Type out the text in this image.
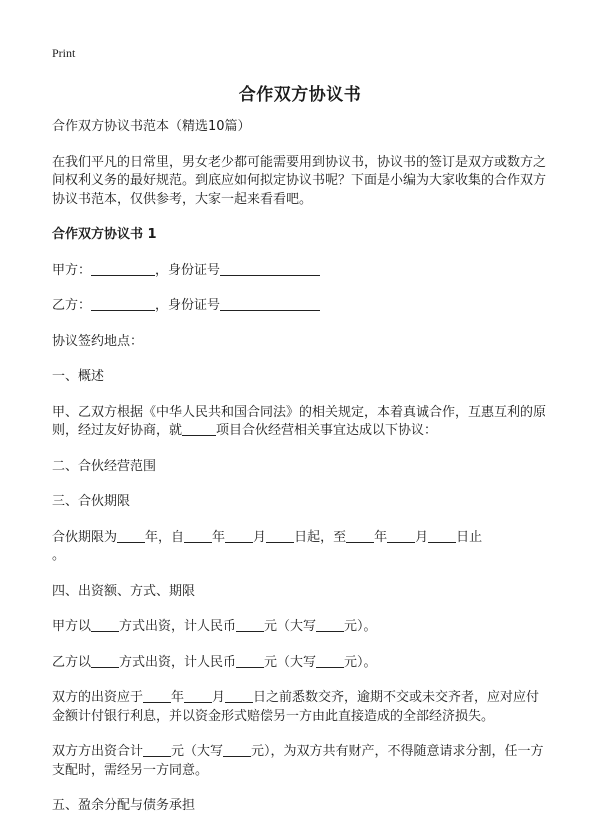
Print
合作双方协议书

合作双方协议书范本（精选10篇）

在我们平凡的日常里，男女老少都可能需要用到协议书，协议书的签订是双方或数方之间权利义务的最好规范。到底应如何拟定协议书呢？下面是小编为大家收集的合作双方协议书范本，仅供参考，大家一起来看看吧。

合作双方协议书 1

甲方：	，身份证号

乙方：	，身份证号

协议签约地点：

一、概述

甲、乙双方根据《中华人民共和国合同法》的相关规定，本着真诚合作，互惠互利的原则，经过友好协商，就	项目合伙经营相关事宜达成以下协议：

二、合伙经营范围

三、合伙期限

合伙期限为 年，自 年 月 日起，至 年 月 日止
。

四、出资额、方式、期限

甲方以 方式出资，计人民币 元（大写 元）。

乙方以 方式出资，计人民币 元（大写 元）。

双方的出资应于 年 月 日之前悉数交齐，逾期不交或未交齐者，应对应付金额计付银行利息，并以资金形式赔偿另一方由此直接造成的全部经济损失。

双方方出资合计 元（大写 元），为双方共有财产，不得随意请求分割，任一方支配时，需经另一方同意。

五、盈余分配与债务承担
